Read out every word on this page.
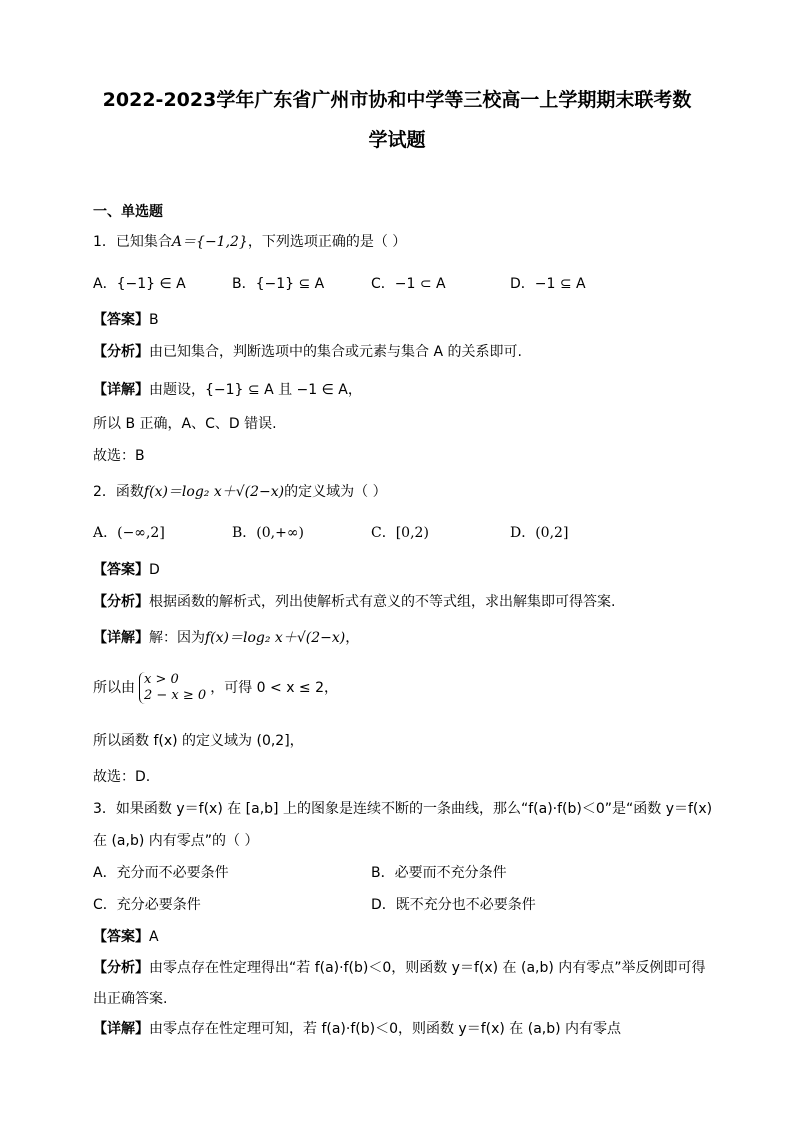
2022-2023学年广东省广州市协和中学等三校高一上学期期末联考数
学试题
一、单选题
1．已知集合A＝{−1,2}，下列选项正确的是（ ）
A．{−1} ∈ A	B．{−1} ⊆ A	C．−1 ⊂ A	D．−1 ⊆ A
【答案】B
【分析】由已知集合，判断选项中的集合或元素与集合 A 的关系即可.
【详解】由题设，{−1} ⊆ A 且 −1 ∈ A，
所以 B 正确，A、C、D 错误.
故选：B
2．函数f(x)＝log₂ x＋√(2−x)的定义域为（ ）
A．(−∞,2]	B．(0,+∞)	C．[0,2)	D．(0,2]
【答案】D
【分析】根据函数的解析式，列出使解析式有意义的不等式组，求出解集即可得答案.
【详解】解：因为f(x)＝log₂ x＋√(2−x)，
所以由
x > 0
2 − x ≥ 0 ，可得 0 < x ≤ 2，
所以函数 f(x) 的定义域为 (0,2]，
故选：D.
3．如果函数 y＝f(x) 在 [a,b] 上的图象是连续不断的一条曲线，那么“f(a)·f(b)＜0”是“函数 y＝f(x)
在 (a,b) 内有零点”的（ ）
A．充分而不必要条件	B．必要而不充分条件
C．充分必要条件	D．既不充分也不必要条件
【答案】A
【分析】由零点存在性定理得出“若 f(a)·f(b)＜0，则函数 y＝f(x) 在 (a,b) 内有零点”举反例即可得
出正确答案.
【详解】由零点存在性定理可知，若 f(a)·f(b)＜0，则函数 y＝f(x) 在 (a,b) 内有零点
